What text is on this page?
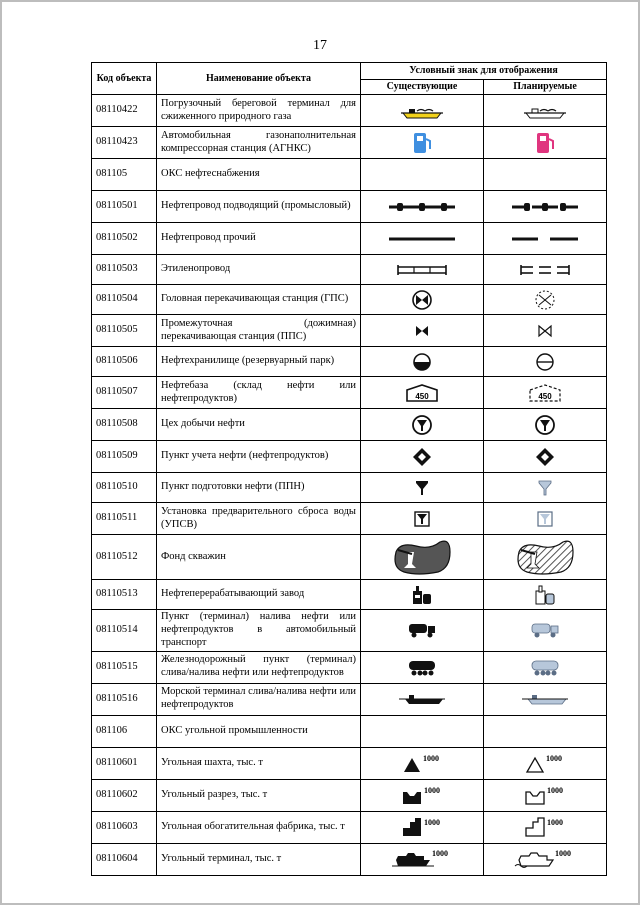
17
Код объекта	Наименование объекта	Условный знак для отображения	
		Существующие	Планируемые
08110422	Погрузочный береговой терминал для сжиженного природного газа	

08110423	Автомобильная газонаполнительная компрессорная станция (АГНКС)	

081105	ОКС нефтеснабжения		
08110501	Нефтепровод подводящий (промысловый)	

08110502	Нефтепровод прочий	

08110503	Этиленопровод	

08110504	Головная перекачивающая станция (ГПС)	

08110505	Промежуточная (дожимная) перекачивающая станция (ППС)	

08110506	Нефтехранилище (резервуарный парк)	

08110507	Нефтебаза (склад нефти или нефтепродуктов)	450	450

08110508	Цех добычи нефти	

08110509	Пункт учета нефти (нефтепродуктов)	

08110510	Пункт подготовки нефти (ППН)	

08110511	Установка предварительного сброса воды (УПСВ)	

08110512	Фонд скважин	

08110513	Нефтеперерабатывающий завод	

08110514	Пункт (терминал) налива нефти или нефтепродуктов в автомобильный транспорт	

08110515	Железнодорожный пункт (терминал) слива/налива нефти или нефтепродуктов	

08110516	Морской терминал слива/налива нефти или нефтепродуктов	

081106	ОКС угольной промышленности		
08110601	Угольная шахта, тыс. т	1000	1000

08110602	Угольный разрез, тыс. т	1000	1000

08110603	Угольная обогатительная фабрика, тыс. т	1000	1000

08110604	Угольный терминал, тыс. т	1000	1000
